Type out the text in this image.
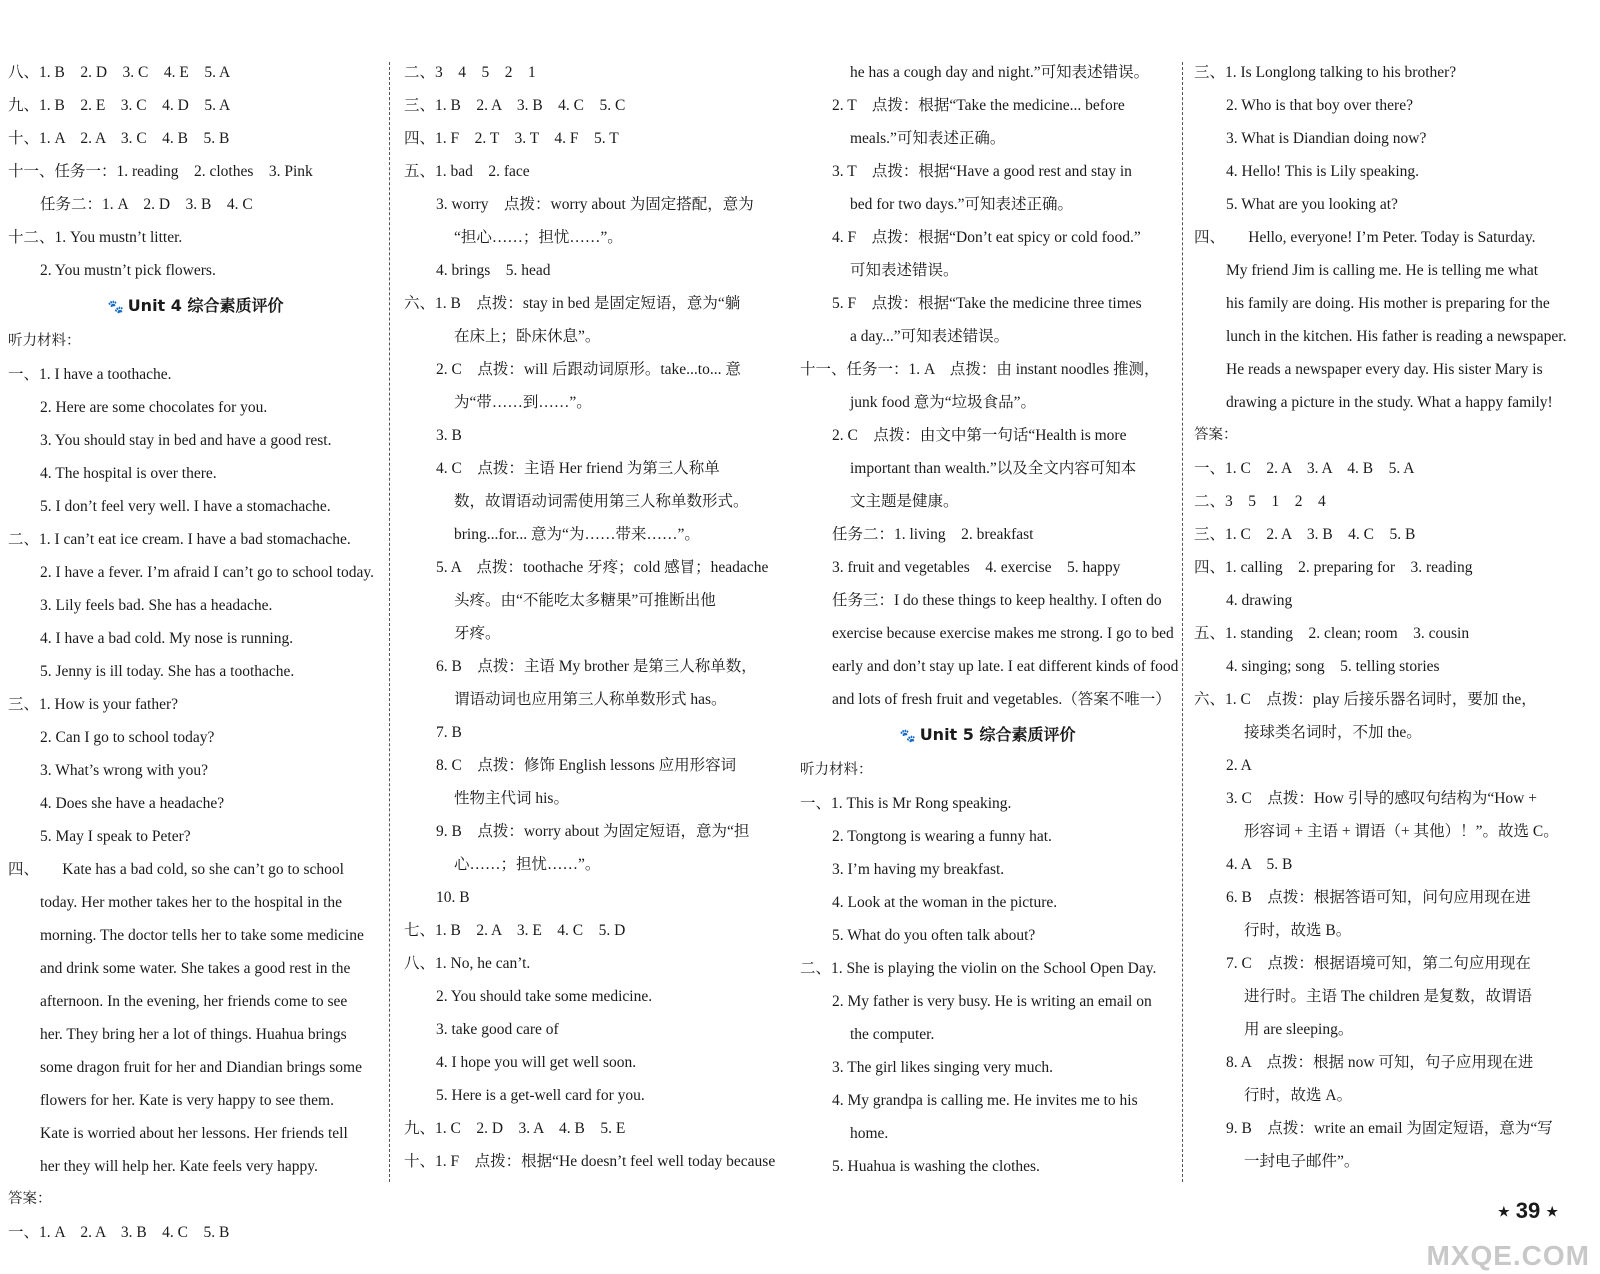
八、1. B　2. D　3. C　4. E　5. A
九、1. B　2. E　3. C　4. D　5. A
十、1. A　2. A　3. C　4. B　5. B
十一、任务一：1. reading　2. clothes　3. Pink
任务二：1. A　2. D　3. B　4. C
十二、1. You mustn’t litter.
2. You mustn’t pick flowers.
🐾 Unit 4 综合素质评价
听力材料：
一、1. I have a toothache.
2. Here are some chocolates for you.
3. You should stay in bed and have a good rest.
4. The hospital is over there.
5. I don’t feel very well. I have a stomachache.
二、1. I can’t eat ice cream. I have a bad stomachache.
2. I have a fever. I’m afraid I can’t go to school today.
3. Lily feels bad. She has a headache.
4. I have a bad cold. My nose is running.
5. Jenny is ill today. She has a toothache.
三、1. How is your father?
2. Can I go to school today?
3. What’s wrong with you?
4. Does she have a headache?
5. May I speak to Peter?
四、　　Kate has a bad cold, so she can’t go to school
today. Her mother takes her to the hospital in the
morning. The doctor tells her to take some medicine
and drink some water. She takes a good rest in the
afternoon. In the evening, her friends come to see
her. They bring her a lot of things. Huahua brings
some dragon fruit for her and Diandian brings some
flowers for her. Kate is very happy to see them.
Kate is worried about her lessons. Her friends tell
her they will help her. Kate feels very happy.
答案：
一、1. A　2. A　3. B　4. C　5. B
二、3　4　5　2　1
三、1. B　2. A　3. B　4. C　5. C
四、1. F　2. T　3. T　4. F　5. T
五、1. bad　2. face
3. worry　点拨：worry about 为固定搭配，意为
“担心……；担忧……”。
4. brings　5. head
六、1. B　点拨：stay in bed 是固定短语，意为“躺
在床上；卧床休息”。
2. C　点拨：will 后跟动词原形。take...to... 意
为“带……到……”。
3. B
4. C　点拨：主语 Her friend 为第三人称单
数，故谓语动词需使用第三人称单数形式。
bring...for... 意为“为……带来……”。
5. A　点拨：toothache 牙疼；cold 感冒；headache
头疼。由“不能吃太多糖果”可推断出他
牙疼。
6. B　点拨：主语 My brother 是第三人称单数，
谓语动词也应用第三人称单数形式 has。
7. B
8. C　点拨：修饰 English lessons 应用形容词
性物主代词 his。
9. B　点拨：worry about 为固定短语，意为“担
心……；担忧……”。
10. B
七、1. B　2. A　3. E　4. C　5. D
八、1. No, he can’t.
2. You should take some medicine.
3. take good care of
4. I hope you will get well soon.
5. Here is a get-well card for you.
九、1. C　2. D　3. A　4. B　5. E
十、1. F　点拨：根据“He doesn’t feel well today because
he has a cough day and night.”可知表述错误。
2. T　点拨：根据“Take the medicine... before
meals.”可知表述正确。
3. T　点拨：根据“Have a good rest and stay in
bed for two days.”可知表述正确。
4. F　点拨：根据“Don’t eat spicy or cold food.”
可知表述错误。
5. F　点拨：根据“Take the medicine three times
a day...”可知表述错误。
十一、任务一：1. A　点拨：由 instant noodles 推测，
junk food 意为“垃圾食品”。
2. C　点拨：由文中第一句话“Health is more
important than wealth.”以及全文内容可知本
文主题是健康。
任务二：1. living　2. breakfast
3. fruit and vegetables　4. exercise　5. happy
任务三：I do these things to keep healthy. I often do
exercise because exercise makes me strong. I go to bed
early and don’t stay up late. I eat different kinds of food
and lots of fresh fruit and vegetables.（答案不唯一）
🐾 Unit 5 综合素质评价
听力材料：
一、1. This is Mr Rong speaking.
2. Tongtong is wearing a funny hat.
3. I’m having my breakfast.
4. Look at the woman in the picture.
5. What do you often talk about?
二、1. She is playing the violin on the School Open Day.
2. My father is very busy. He is writing an email on
the computer.
3. The girl likes singing very much.
4. My grandpa is calling me. He invites me to his
home.
5. Huahua is washing the clothes.
三、1. Is Longlong talking to his brother?
2. Who is that boy over there?
3. What is Diandian doing now?
4. Hello! This is Lily speaking.
5. What are you looking at?
四、　　Hello, everyone! I’m Peter. Today is Saturday.
My friend Jim is calling me. He is telling me what
his family are doing. His mother is preparing for the
lunch in the kitchen. His father is reading a newspaper.
He reads a newspaper every day. His sister Mary is
drawing a picture in the study. What a happy family!
答案：
一、1. C　2. A　3. A　4. B　5. A
二、3　5　1　2　4
三、1. C　2. A　3. B　4. C　5. B
四、1. calling　2. preparing for　3. reading
4. drawing
五、1. standing　2. clean; room　3. cousin
4. singing; song　5. telling stories
六、1. C　点拨：play 后接乐器名词时，要加 the，
接球类名词时，不加 the。
2. A
3. C　点拨：How 引导的感叹句结构为“How +
形容词 + 主语 + 谓语（+ 其他）！”。故选 C。
4. A　5. B
6. B　点拨：根据答语可知，问句应用现在进
行时，故选 B。
7. C　点拨：根据语境可知，第二句应用现在
进行时。主语 The children 是复数，故谓语
用 are sleeping。
8. A　点拨：根据 now 可知，句子应用现在进
行时，故选 A。
9. B　点拨：write an email 为固定短语，意为“写
一封电子邮件”。
★ 39 ★
MXQE.COM
